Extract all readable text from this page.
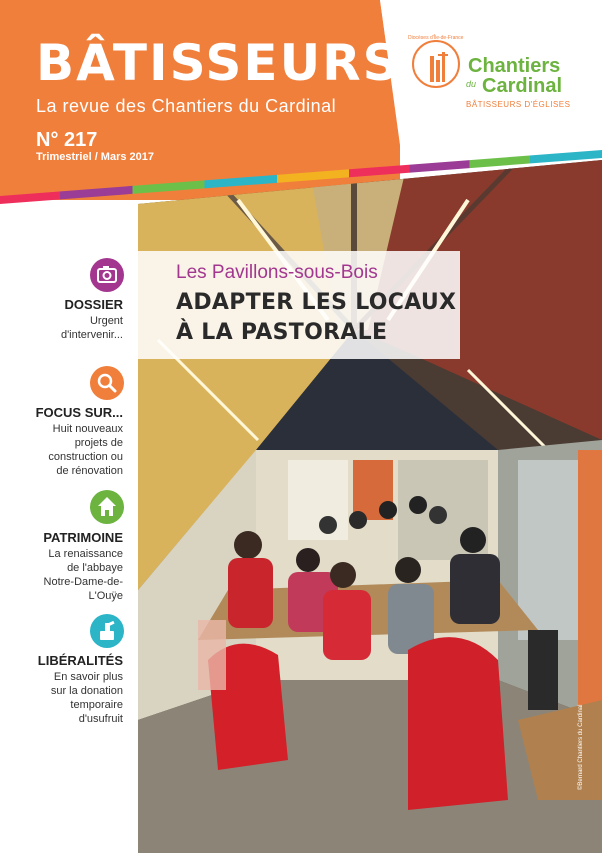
BÂTISSEURS
La revue des Chantiers du Cardinal
N° 217
Trimestriel / Mars 2017
Diocèses d'Île-de-France
Chantiers
du Cardinal
BÂTISSEURS D'ÉGLISES
©Bernard Chantiers du Cardinal
Les Pavillons-sous-Bois
ADAPTER LES LOCAUX
À LA PASTORALE
DOSSIER
Urgent
d'intervenir...
FOCUS SUR...
Huit nouveaux
projets de
construction ou
de rénovation
PATRIMOINE
La renaissance
de l'abbaye
Notre-Dame-de-
L'Ouÿe
LIBÉRALITÉS
En savoir plus
sur la donation
temporaire
d'usufruit
